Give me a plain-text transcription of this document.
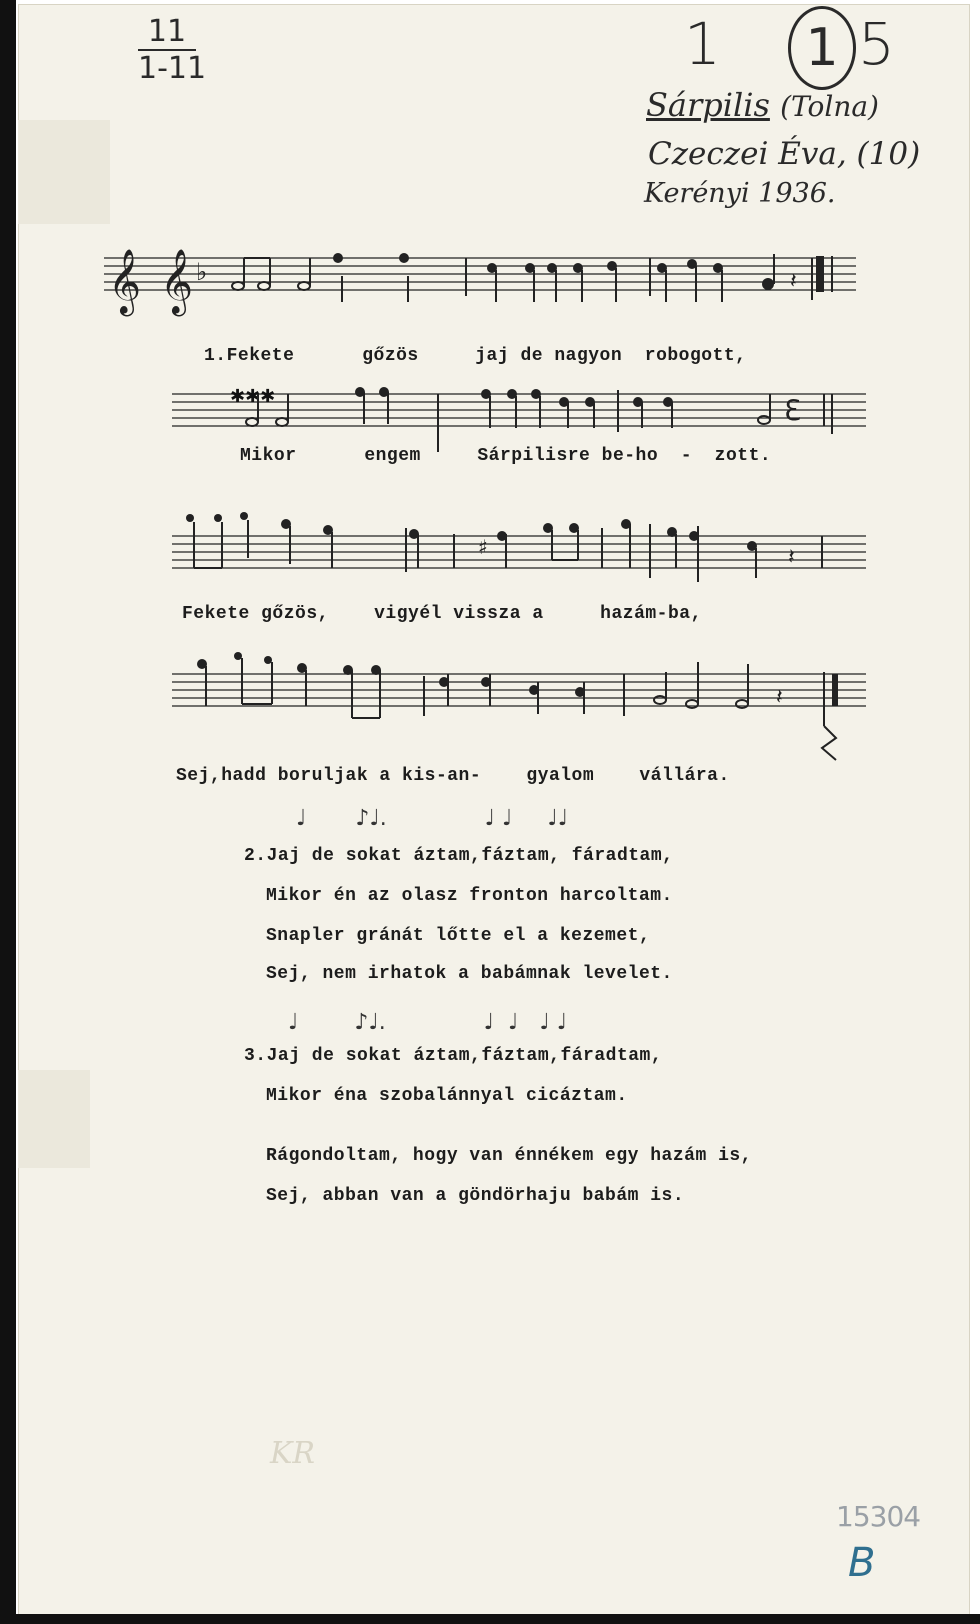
11
1-11	1 1 5
Sárpilis (Tolna)
Czeczei Éva, (10)
Kerényi 1936.
𝄞 𝄞 ♭	𝄽
1.Fekete      gőzös     jaj de nagyon  robogott,
✱✱✱	ℇ
Mikor      engem     Sárpilisre be-ho  -  zott.
♯	𝄽
Fekete gőzös,    vigyél vissza a     hazám-ba,
𝄽
Sej,hadd boruljak a kis-an-    gyalom    vállára.
♩       ♪♩.              ♩ ♩     ♩♩
2.Jaj de sokat áztam,fáztam, fáradtam,
Mikor én az olasz fronton harcoltam.
Snapler gránát lőtte el a kezemet,
Sej, nem irhatok a babámnak levelet.
♩        ♪♩.              ♩  ♩   ♩ ♩
3.Jaj de sokat áztam,fáztam,fáradtam,
Mikor éna szobalánnyal cicáztam.
Rágondoltam, hogy van énnékem egy hazám is,
Sej, abban van a göndörhaju babám is.
KR
15304
B
